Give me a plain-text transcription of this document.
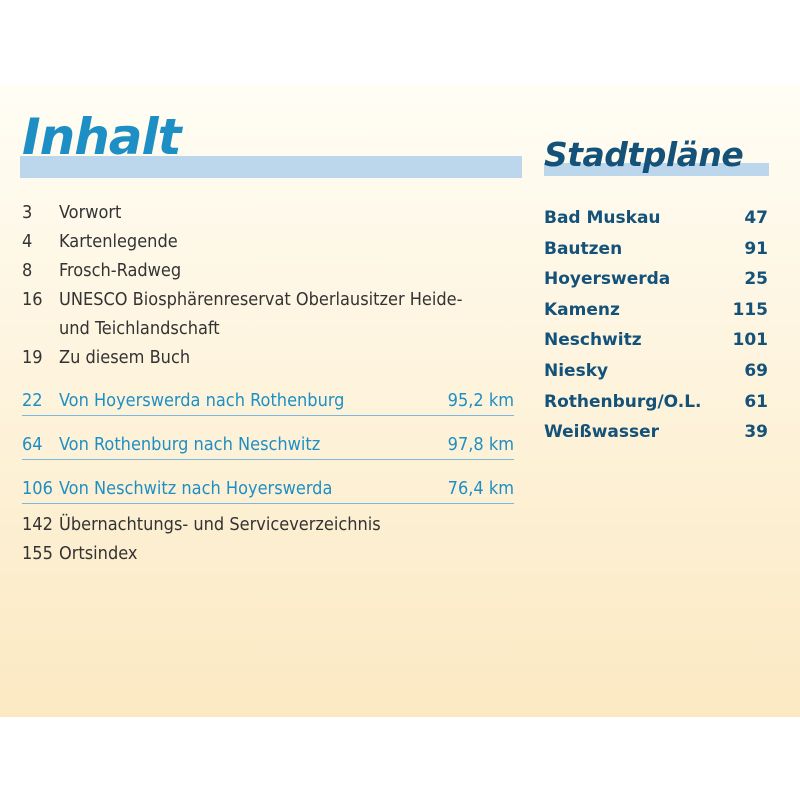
Inhalt	Stadtpläne
3	Vorwort
4	Kartenlegende
8	Frosch-Radweg
16 UNESCO Biosphärenreservat Oberlausitzer Heide-
und Teichlandschaft
19 Zu diesem Buch
22 Von Hoyerswerda nach Rothenburg	95,2 km
64 Von Rothenburg nach Neschwitz	97,8 km
106 Von Neschwitz nach Hoyerswerda	76,4 km
142 Übernachtungs- und Serviceverzeichnis
155 Ortsindex
Bad Muskau	47
Bautzen	91
Hoyerswerda	25
Kamenz	115
Neschwitz	101
Niesky	69
Rothenburg/O.L.	61
Weißwasser	39
